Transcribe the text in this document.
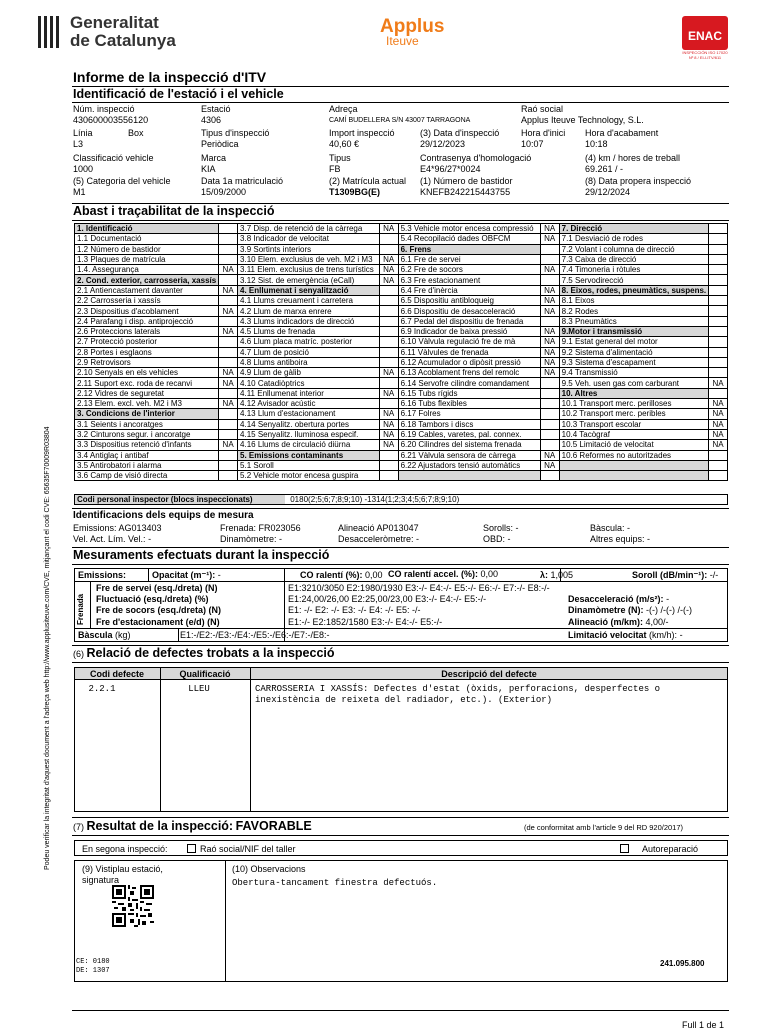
Podeu verificar la integritat d'aquest document a l'adreça web http://www.applusiteuve.com/CVE, mitjançant el codi CVE: 65635F70009R03804
Generalitat
de Catalunya
Applus
Iteuve	ENAC
INSPECCIÓN ISO 17020 Nº 8 / EI-I-ITV/611
Informe de la inspecció d'ITV
Identificació de l'estació i el vehicle
Núm. inspecció
430600003556120
Estació
4306
Adreça
CAMÍ BUDELLERA S/N 43007 TARRAGONA
Raó social
Applus Iteuve Technology, S.L.
Línia
L3
Box	Tipus d'inspecció
Periòdica
Import inspecció
40,60 €
(3) Data d'inspecció
29/12/2023
Hora d'inici
10:07
Hora d'acabament
10:18
Classificació vehicle
1000
Marca
KIA
Tipus
FB
Contrasenya d'homologació
E4*96/27*0024
(4) km / hores de treball
69.261 / -
(5) Categoria del vehicle
M1
Data 1a matriculació
15/09/2000
(2) Matrícula actual
T1309BG(E)
(1) Número de bastidor
KNEFB242215443755
(8) Data propera inspecció
29/12/2024
Abast i traçabilitat de la inspecció
1. Identificació		3.7 Disp. de retenció de la càrrega	NA	5.3 Vehicle motor encesa compressió	NA	7. Direcció	
1.1 Documentació		3.8 Indicador de velocitat		5.4 Recopilació dades OBFCM	NA	7.1 Desviació de rodes	
1.2 Número de bastidor		3.9 Sortints interiors		6. Frens		7.2 Volant i columna de direcció	
1.3 Plaques de matrícula		3.10 Elem. exclusius de veh. M2 i M3	NA	6.1 Fre de servei		7.3 Caixa de direcció	
1.4. Assegurança	NA	3.11 Elem. exclusius de trens turístics	NA	6.2 Fre de socors	NA	7.4 Timoneria i ròtules	
2. Cond. exterior, carrosseria, xassís		3.12 Sist. de emergència (eCall)	NA	6.3 Fre estacionament		7.5 Servodirecció	
2.1 Antiencastament davanter	NA	4. Enllumenat i senyalització		6.4 Fre d'inèrcia	NA	8. Eixos, rodes, pneumàtics, suspens.	
2.2 Carrosseria i xassís		4.1 Llums creuament i carretera		6.5 Dispositiu antibloqueig	NA	8.1 Eixos	
2.3 Dispositius d'acoblament	NA	4.2 Llum de marxa enrere		6.6 Dispositiu de desacceleració	NA	8.2 Rodes	
2.4 Parafang i disp. antiprojecció		4.3 Llums indicadors de direcció		6.7 Pedal del dispositiu de frenada		8.3 Pneumàtics	
2.6 Proteccions laterals	NA	4.5 Llums de frenada		6.9 Indicador de baixa pressió	NA	9.Motor i transmissió	
2.7 Protecció posterior		4.6 Llum placa matríc. posterior		6.10 Vàlvula regulació fre de mà	NA	9.1 Estat general del motor	
2.8 Portes i esglaons		4.7 Llum de posició		6.11 Vàlvules de frenada	NA	9.2 Sistema d'alimentació	
2.9 Retrovisors		4.8 Llums antiboira		6.12 Acumulador o dipòsit pressió	NA	9.3 Sistema d'escapament	
2.10 Senyals en els vehicles	NA	4.9 Llum de gàlib	NA	6.13 Acoblament frens del remolc	NA	9.4 Transmissió	
2.11 Suport exc. roda de recanvi	NA	4.10 Catadiòptrics		6.14 Servofre cilindre comandament		9.5 Veh. usen gas com carburant	NA
2.12 Vidres de seguretat		4.11 Enllumenat interior	NA	6.15 Tubs rígids		10. Altres	
2.13 Elem. excl. veh. M2 i M3	NA	4.12 Avisador acústic		6.16 Tubs flexibles		10.1 Transport merc. perilloses	NA
3. Condicions de l'interior		4.13 Llum d'estacionament	NA	6.17 Folres		10.2 Transport merc. peribles	NA
3.1 Seients i ancoratges		4.14 Senyalitz. obertura portes	NA	6.18 Tambors i discs		10.3 Transport escolar	NA
3.2 Cinturons segur. i ancoratge		4.15 Senyalitz. lluminosa especif.	NA	6.19 Cables, varetes, pal. connex.		10.4 Tacògraf	NA
3.3 Dispositius retenció d'infants	NA	4.16 Llums de circulació diürna	NA	6.20 Cilindres del sistema frenada		10.5 Limitació de velocitat	NA
3.4 Antiglaç i antibaf		5. Emissions contaminants		6.21 Vàlvula sensora de càrrega	NA	10.6 Reformes no autoritzades	
3.5 Antirobatori i alarma		5.1 Soroll		6.22 Ajustadors tensió automàtics	NA		
3.6 Camp de visió directa		5.2 Vehicle motor encesa guspira					
Codi personal inspector (blocs inspeccionats)	0180(2;5;6;7;8;9;10) -1314(1;2;3;4;5;6;7;8;9;10)
Identificacions dels equips de mesura
Emissions: AG013403	Frenada: FR023056	Alineació AP013047	Sorolls: -	Bàscula: -
Vel. Act. Lím. Vel.: -	Dinamòmetre: -	Desacceleròmetre: -	OBD: -	Altres equips: -
Mesuraments efectuats durant la inspecció
Emissions:	Opacitat (m⁻¹): -	CO ralentí (%): 0,00 CO ralentí accel. (%): 0,00	λ: 1,005	Soroll (dB/min⁻¹): -/-
Frenada
Fre de servei (esq./dreta) (N)	E1:3210/3050 E2:1980/1930 E3:-/- E4:-/- E5:-/- E6:-/- E7:-/- E8:-/-
Fluctuació (esq./dreta) (%)	E1:24,00/26,00 E2:25,00/23,00 E3:-/- E4:-/- E5:-/-	Desacceleració (m/s²): -
Fre de socors (esq./dreta) (N)	E1: -/- E2: -/- E3: -/- E4: -/- E5: -/-	Dinamòmetre (N): -(-) /-(-) /-(-)
Fre d'estacionament (e/d) (N)	E1:-/- E2:1852/1580 E3:-/- E4:-/- E5:-/-	Alineació (m/km): 4,00/-
Bàscula (kg)	E1:-/E2:-/E3:-/E4:-/E5:-/E6:-/E7:-/E8:-	Limitació velocitat (km/h): -
(6) Relació de defectes trobats a la inspecció
Codi defecte	Qualificació	Descripció del defecte
2.2.1	LLEU	CARROSSERIA I XASSÍS: Defectes d'estat (òxids, perforacions, desperfectes o inexistència de reixeta del radiador, etc.). (Exterior)
(7) Resultat de la inspecció: FAVORABLE	(de conformitat amb l'article 9 del RD 920/2017)
En segona inspecció:	Raó social/NIF del taller	Autoreparació
(9) Vistiplau estació, signatura
CE: 0180
DE: 1307
(10) Observacions
Obertura-tancament finestra defectuós.
241.095.800
Full 1 de 1
